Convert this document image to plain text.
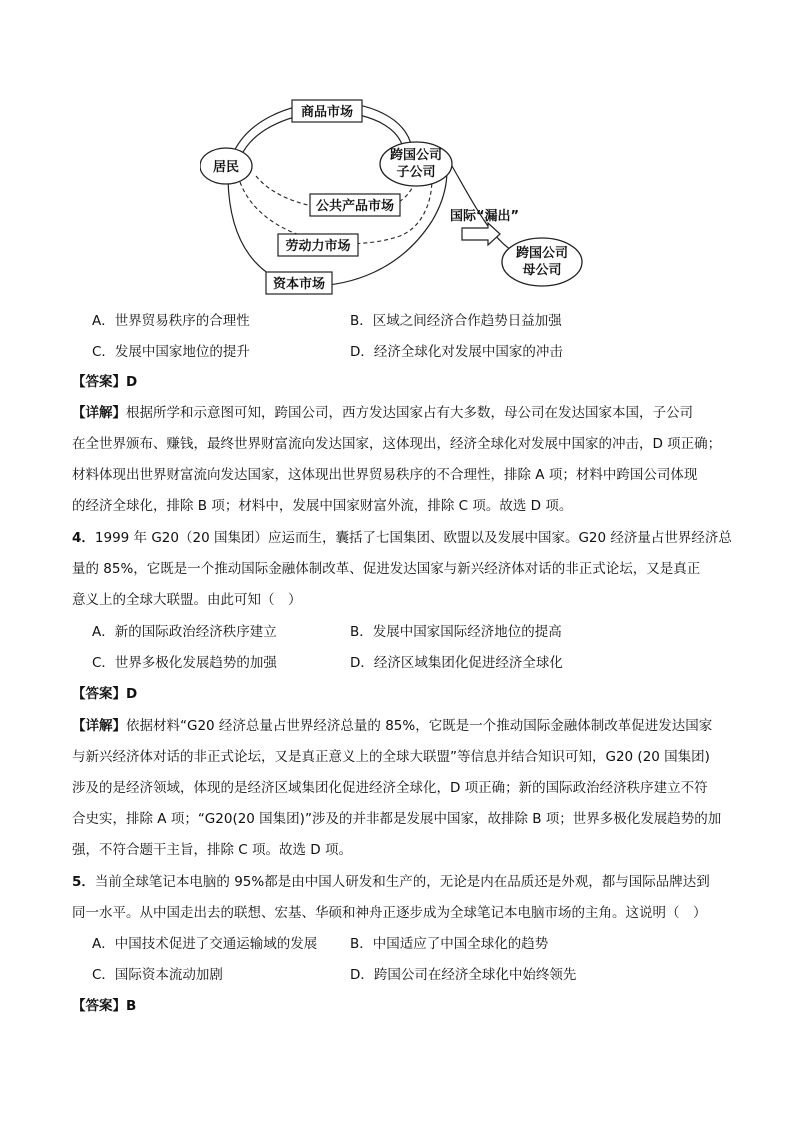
居民
跨国公司
子公司
商品市场
公共产品市场
劳动力市场
资本市场
国际“漏出”
跨国公司
母公司
A．世界贸易秩序的合理性	B．区域之间经济合作趋势日益加强
C．发展中国家地位的提升	D．经济全球化对发展中国家的冲击
【答案】D
【详解】根据所学和示意图可知，跨国公司，西方发达国家占有大多数，母公司在发达国家本国，子公司
在全世界颁布、赚钱，最终世界财富流向发达国家，这体现出，经济全球化对发展中国家的冲击，D 项正确；
材料体现出世界财富流向发达国家，这体现出世界贸易秩序的不合理性，排除 A 项；材料中跨国公司体现
的经济全球化，排除 B 项；材料中，发展中国家财富外流，排除 C 项。故选 D 项。
4．1999 年 G20（20 国集团）应运而生，囊括了七国集团、欧盟以及发展中国家。G20 经济量占世界经济总
量的 85%，它既是一个推动国际金融体制改革、促进发达国家与新兴经济体对话的非正式论坛，又是真正
意义上的全球大联盟。由此可知（　）
A．新的国际政治经济秩序建立	B．发展中国家国际经济地位的提高
C．世界多极化发展趋势的加强	D．经济区域集团化促进经济全球化
【答案】D
【详解】依据材料“G20 经济总量占世界经济总量的 85%，它既是一个推动国际金融体制改革促进发达国家
与新兴经济体对话的非正式论坛，又是真正意义上的全球大联盟”等信息并结合知识可知，G20 (20 国集团)
涉及的是经济领域，体现的是经济区域集团化促进经济全球化，D 项正确；新的国际政治经济秩序建立不符
合史实，排除 A 项；“G20(20 国集团)”涉及的并非都是发展中国家，故排除 B 项；世界多极化发展趋势的加
强，不符合题干主旨，排除 C 项。故选 D 项。
5．当前全球笔记本电脑的 95%都是由中国人研发和生产的，无论是内在品质还是外观，都与国际品牌达到
同一水平。从中国走出去的联想、宏基、华硕和神舟正逐步成为全球笔记本电脑市场的主角。这说明（　）
A．中国技术促进了交通运输域的发展 B．中国适应了中国全球化的趋势
C．国际资本流动加剧	D．跨国公司在经济全球化中始终领先
【答案】B
